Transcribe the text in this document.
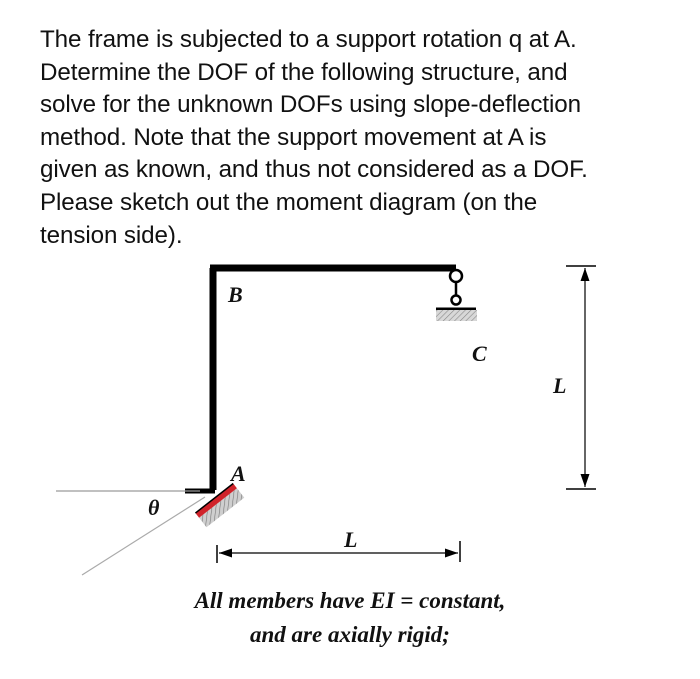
The frame is subjected to a support rotation q at A.
Determine the DOF of the following structure, and
solve for the unknown DOFs using slope-deflection
method. Note that the support movement at A is
given as known, and thus not considered as a DOF.
Please sketch out the moment diagram (on the
tension side).
B
C
A
θ
L
L
All members have EI = constant,
and are axially rigid;
